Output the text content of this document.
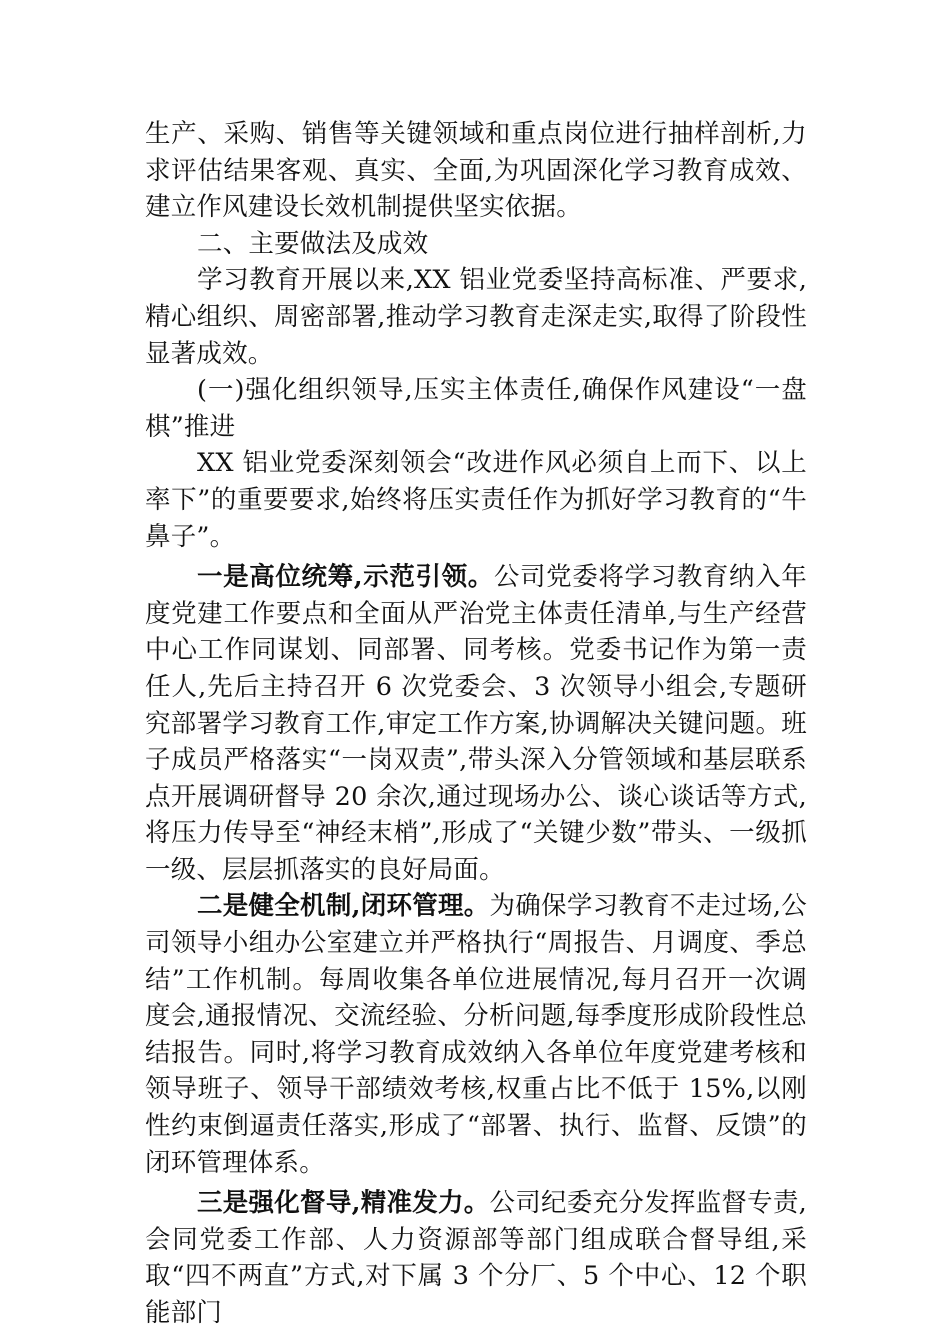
生产、采购、销售等关键领域和重点岗位进行抽样剖析,力求评估结果客观、真实、全面,为巩固深化学习教育成效、建立作风建设长效机制提供坚实依据。

二、主要做法及成效

学习教育开展以来,XX 铝业党委坚持高标准、严要求,精心组织、周密部署,推动学习教育走深走实,取得了阶段性显著成效。

(一)强化组织领导,压实主体责任,确保作风建设“一盘棋”推进

XX 铝业党委深刻领会“改进作风必须自上而下、以上率下”的重要要求,始终将压实责任作为抓好学习教育的“牛鼻子”。

一是高位统筹,示范引领。公司党委将学习教育纳入年度党建工作要点和全面从严治党主体责任清单,与生产经营中心工作同谋划、同部署、同考核。党委书记作为第一责任人,先后主持召开 6 次党委会、3 次领导小组会,专题研究部署学习教育工作,审定工作方案,协调解决关键问题。班子成员严格落实“一岗双责”,带头深入分管领域和基层联系点开展调研督导 20 余次,通过现场办公、谈心谈话等方式,将压力传导至“神经末梢”,形成了“关键少数”带头、一级抓一级、层层抓落实的良好局面。

二是健全机制,闭环管理。为确保学习教育不走过场,公司领导小组办公室建立并严格执行“周报告、月调度、季总结”工作机制。每周收集各单位进展情况,每月召开一次调度会,通报情况、交流经验、分析问题,每季度形成阶段性总结报告。同时,将学习教育成效纳入各单位年度党建考核和领导班子、领导干部绩效考核,权重占比不低于 15%,以刚性约束倒逼责任落实,形成了“部署、执行、监督、反馈”的闭环管理体系。

三是强化督导,精准发力。公司纪委充分发挥监督专责,会同党委工作部、人力资源部等部门组成联合督导组,采取“四不两直”方式,对下属 3 个分厂、5 个中心、12 个职能部门
